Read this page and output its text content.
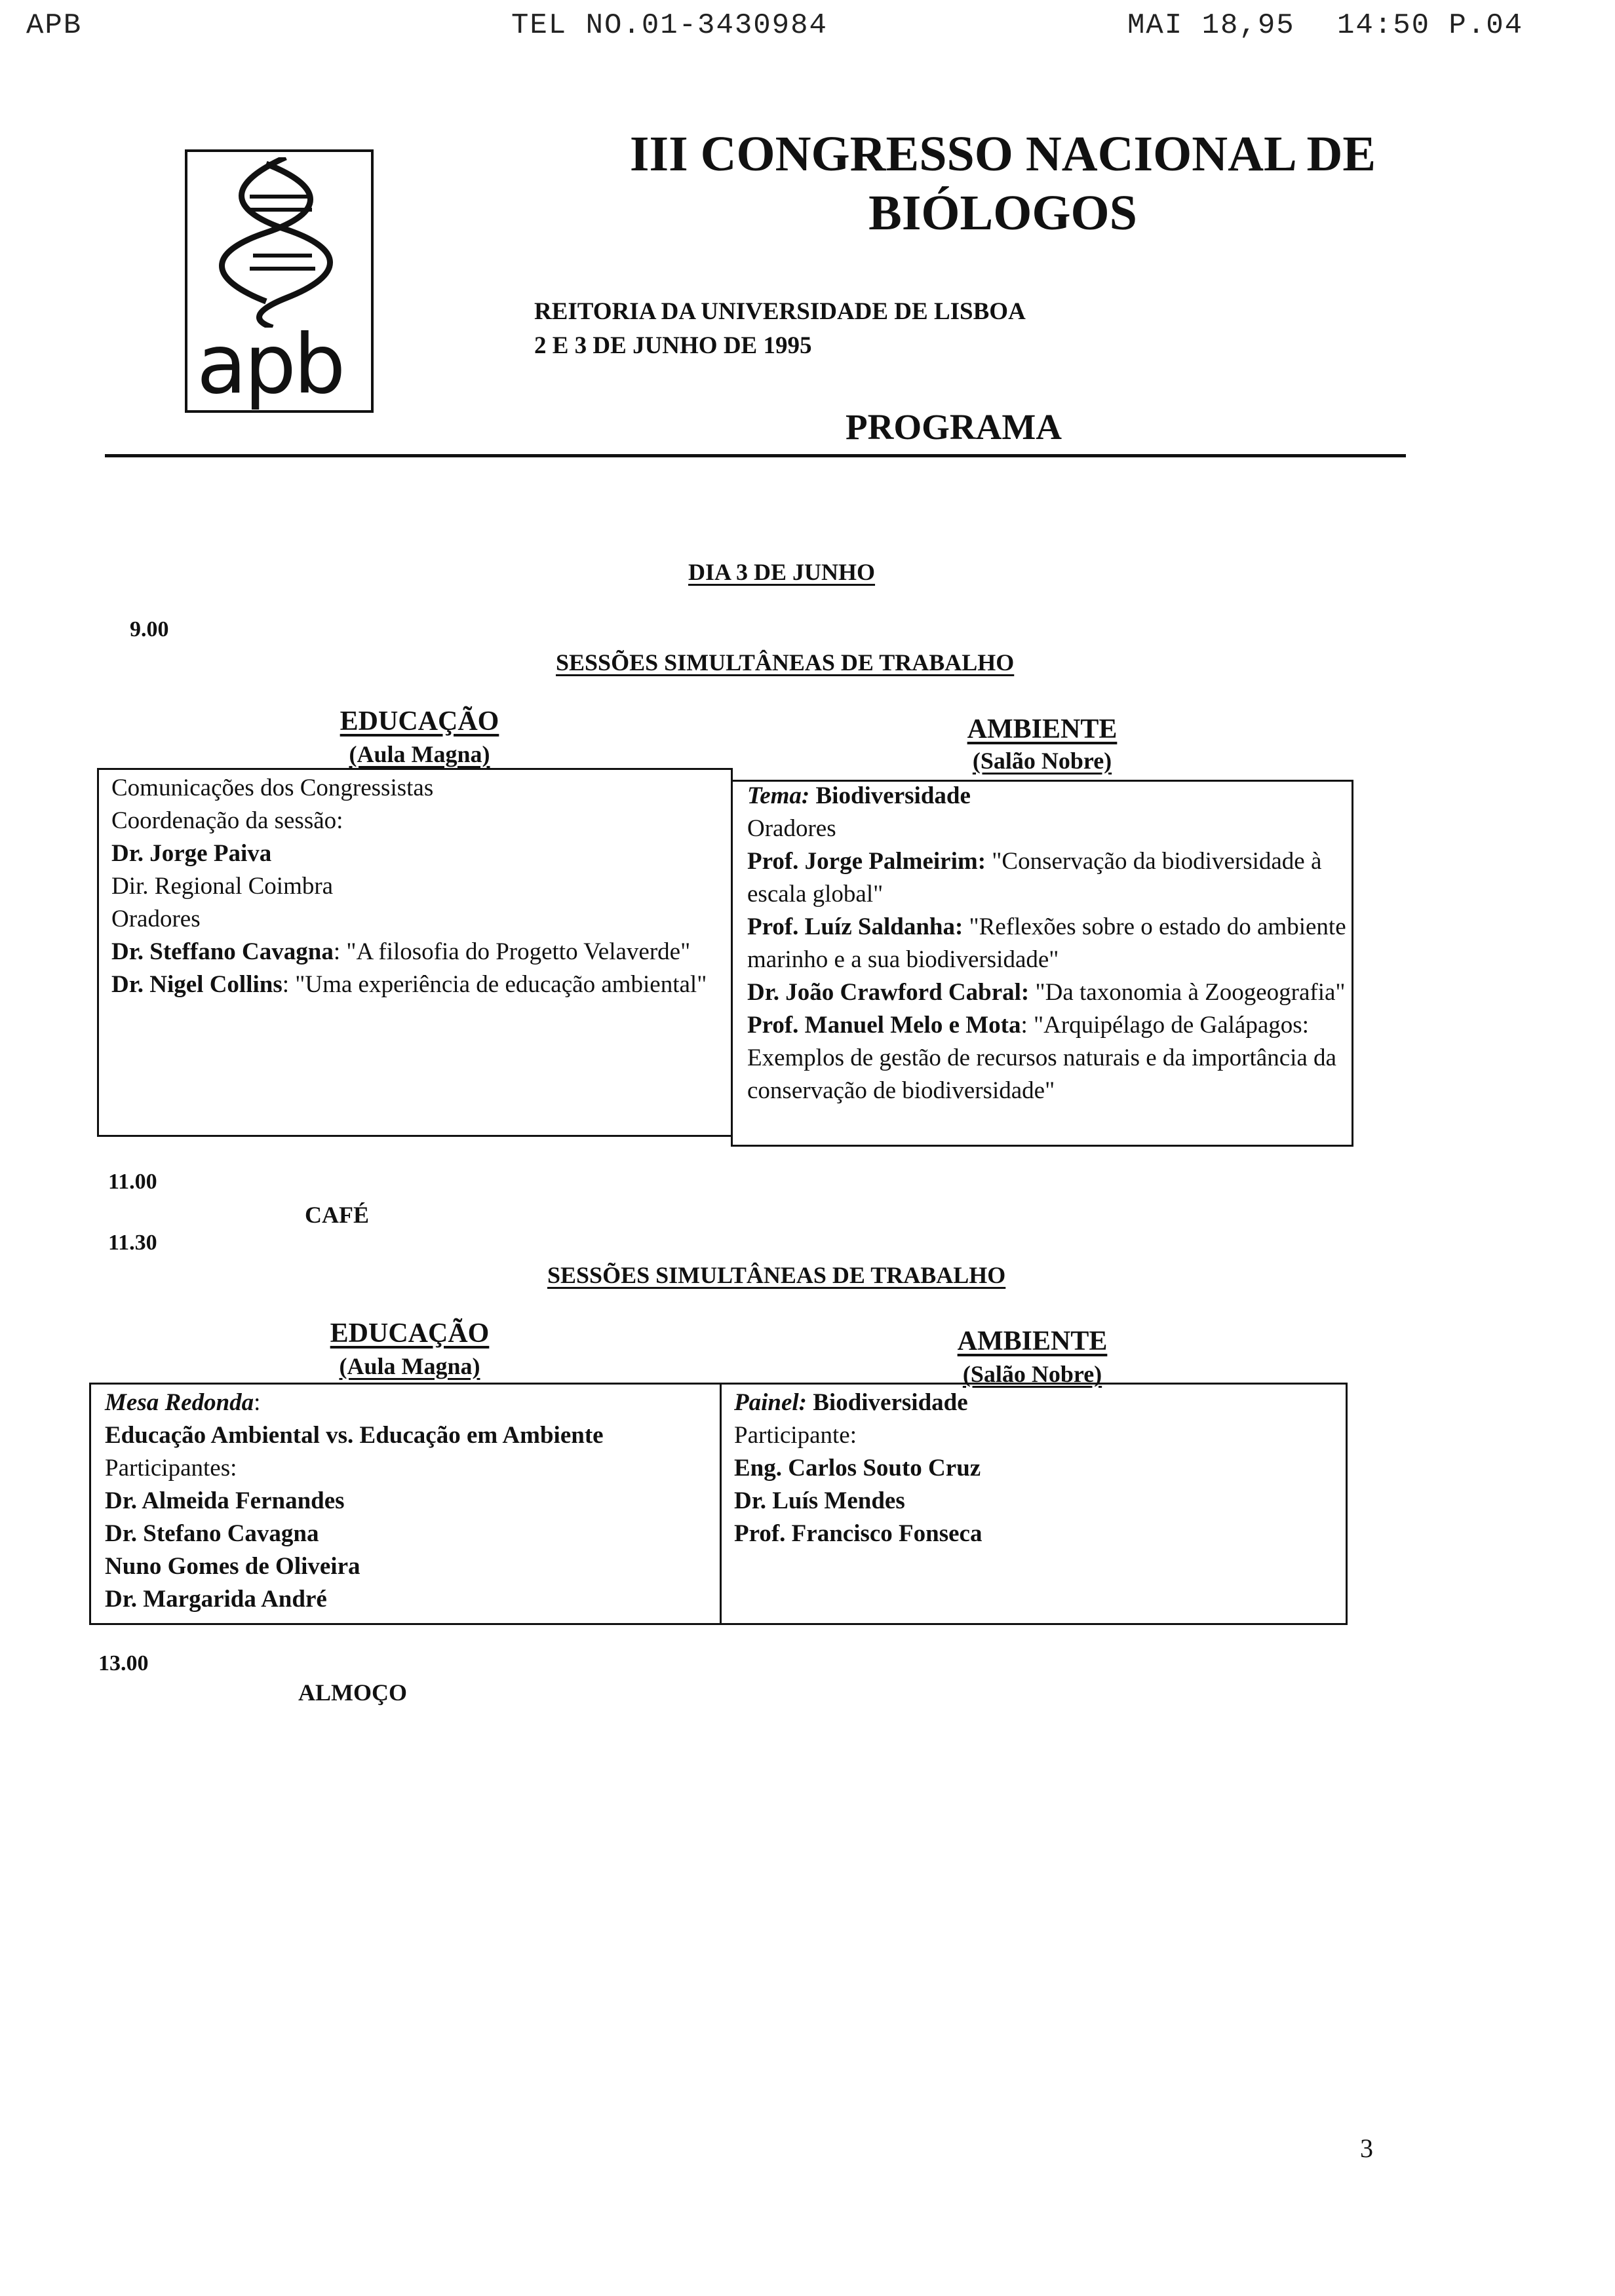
APB	TEL NO.01-3430984	MAI 18,95 14:50 P.04
apb
III CONGRESSO NACIONAL DE
BIÓLOGOS
REITORIA DA UNIVERSIDADE DE LISBOA
2 E 3 DE JUNHO DE 1995
PROGRAMA
DIA 3 DE JUNHO
9.00
SESSÕES SIMULTÂNEAS DE TRABALHO
EDUCAÇÃO
(Aula Magna)
AMBIENTE
(Salão Nobre)

Comunicações dos Congressistas

Coordenação da sessão:

Dr. Jorge Paiva

Dir. Regional Coimbra

Oradores

Dr. Steffano Cavagna: "A filosofia do Progetto Velaverde"

Dr. Nigel Collins: "Uma experiência de educação ambiental"

Tema: Biodiversidade

Oradores

Prof. Jorge Palmeirim: "Conservação da biodiversidade à escala global"

Prof. Luíz Saldanha: "Reflexões sobre o estado do ambiente marinho e a sua biodiversidade"

Dr. João Crawford Cabral: "Da taxonomia à Zoogeografia"

Prof. Manuel Melo e Mota: "Arquipélago de Galápagos: Exemplos de gestão de recursos naturais e da importância da conservação de biodiversidade"

11.00
CAFÉ
11.30
SESSÕES SIMULTÂNEAS DE TRABALHO
EDUCAÇÃO
(Aula Magna)
AMBIENTE
(Salão Nobre)

Mesa Redonda:

Educação Ambiental vs. Educação em Ambiente

Participantes:

Dr. Almeida Fernandes

Dr. Stefano Cavagna

Nuno Gomes de Oliveira

Dr. Margarida André

Painel: Biodiversidade

Participante:

Eng. Carlos Souto Cruz

Dr. Luís Mendes

Prof. Francisco Fonseca

13.00
ALMOÇO
3
